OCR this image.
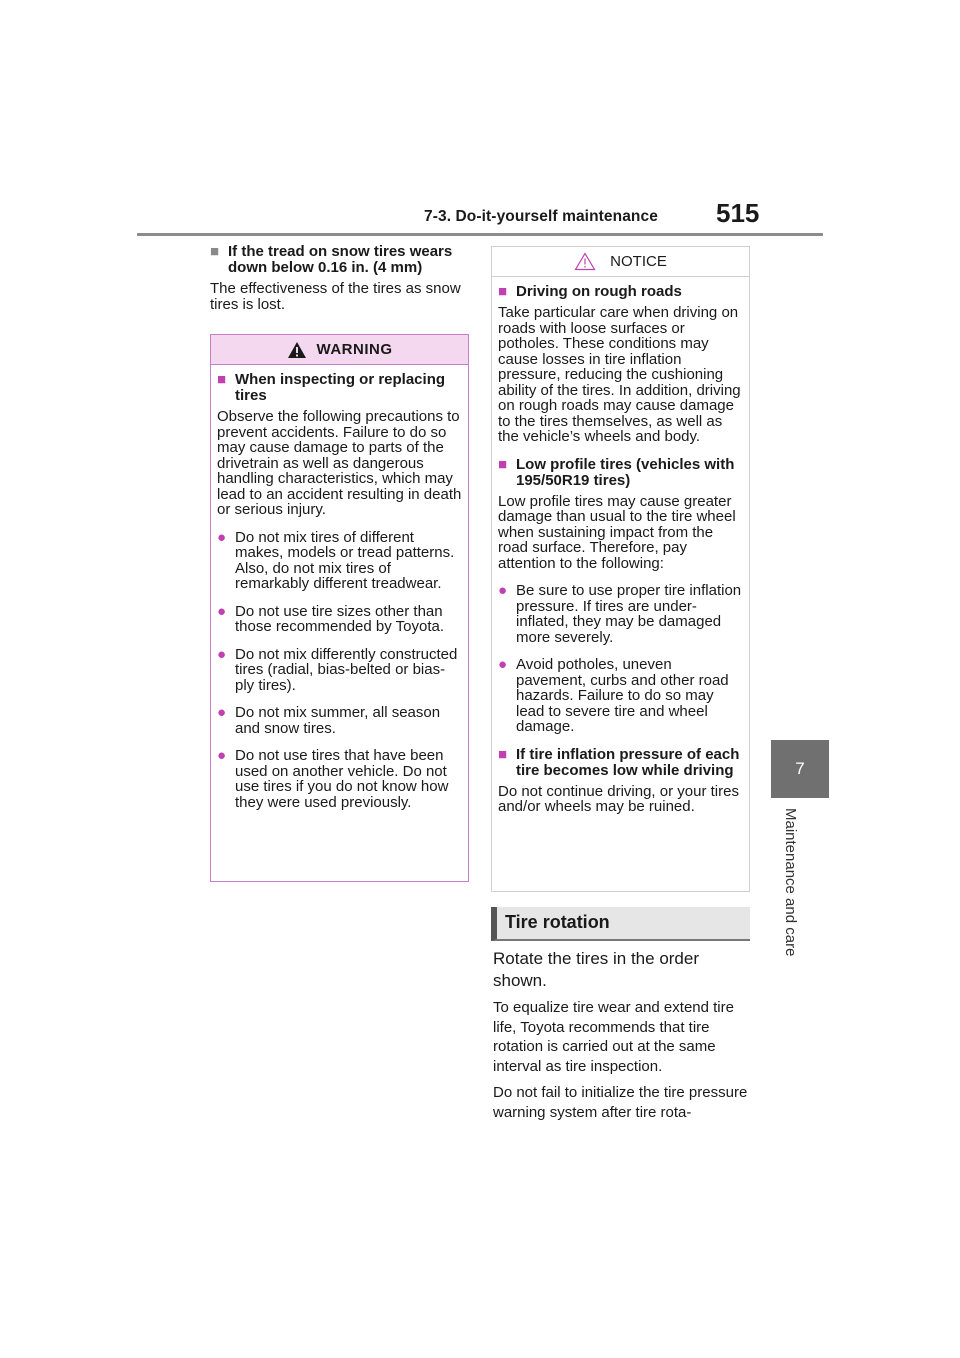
7-3. Do-it-yourself maintenance 515
7
Maintenance and care
■ If the tread on snow tires wears down below 0.16 in. (4 mm)

The effectiveness of the tires as snow tires is lost.

WARNING
■ When inspecting or replacing tires

Observe the following precautions to prevent accidents. Failure to do so may cause damage to parts of the drivetrain as well as dangerous handling characteristics, which may lead to an accident resulting in death or serious injury.

● Do not mix tires of different makes, models or tread patterns. Also, do not mix tires of remarkably different treadwear.
● Do not use tire sizes other than those recommended by Toyota.
● Do not mix differently constructed tires (radial, bias-belted or bias-ply tires).
● Do not mix summer, all season and snow tires.
● Do not use tires that have been used on another vehicle. Do not use tires if you do not know how they were used previously.
NOTICE
■ Driving on rough roads

Take particular care when driving on roads with loose surfaces or potholes. These conditions may cause losses in tire inflation pressure, reducing the cushioning ability of the tires. In addition, driving on rough roads may cause damage to the tires themselves, as well as the vehicle’s wheels and body.

■ Low profile tires (vehicles with 195/50R19 tires)

Low profile tires may cause greater damage than usual to the tire wheel when sustaining impact from the road surface. Therefore, pay attention to the following:

● Be sure to use proper tire inflation pressure. If tires are under-inflated, they may be damaged more severely.
● Avoid potholes, uneven pavement, curbs and other road hazards. Failure to do so may lead to severe tire and wheel damage.
■ If tire inflation pressure of each tire becomes low while driving

Do not continue driving, or your tires and/or wheels may be ruined.

Tire rotation

Rotate the tires in the order shown.

To equalize tire wear and extend tire life, Toyota recommends that tire rotation is carried out at the same interval as tire inspection.

Do not fail to initialize the tire pressure warning system after tire rota-
